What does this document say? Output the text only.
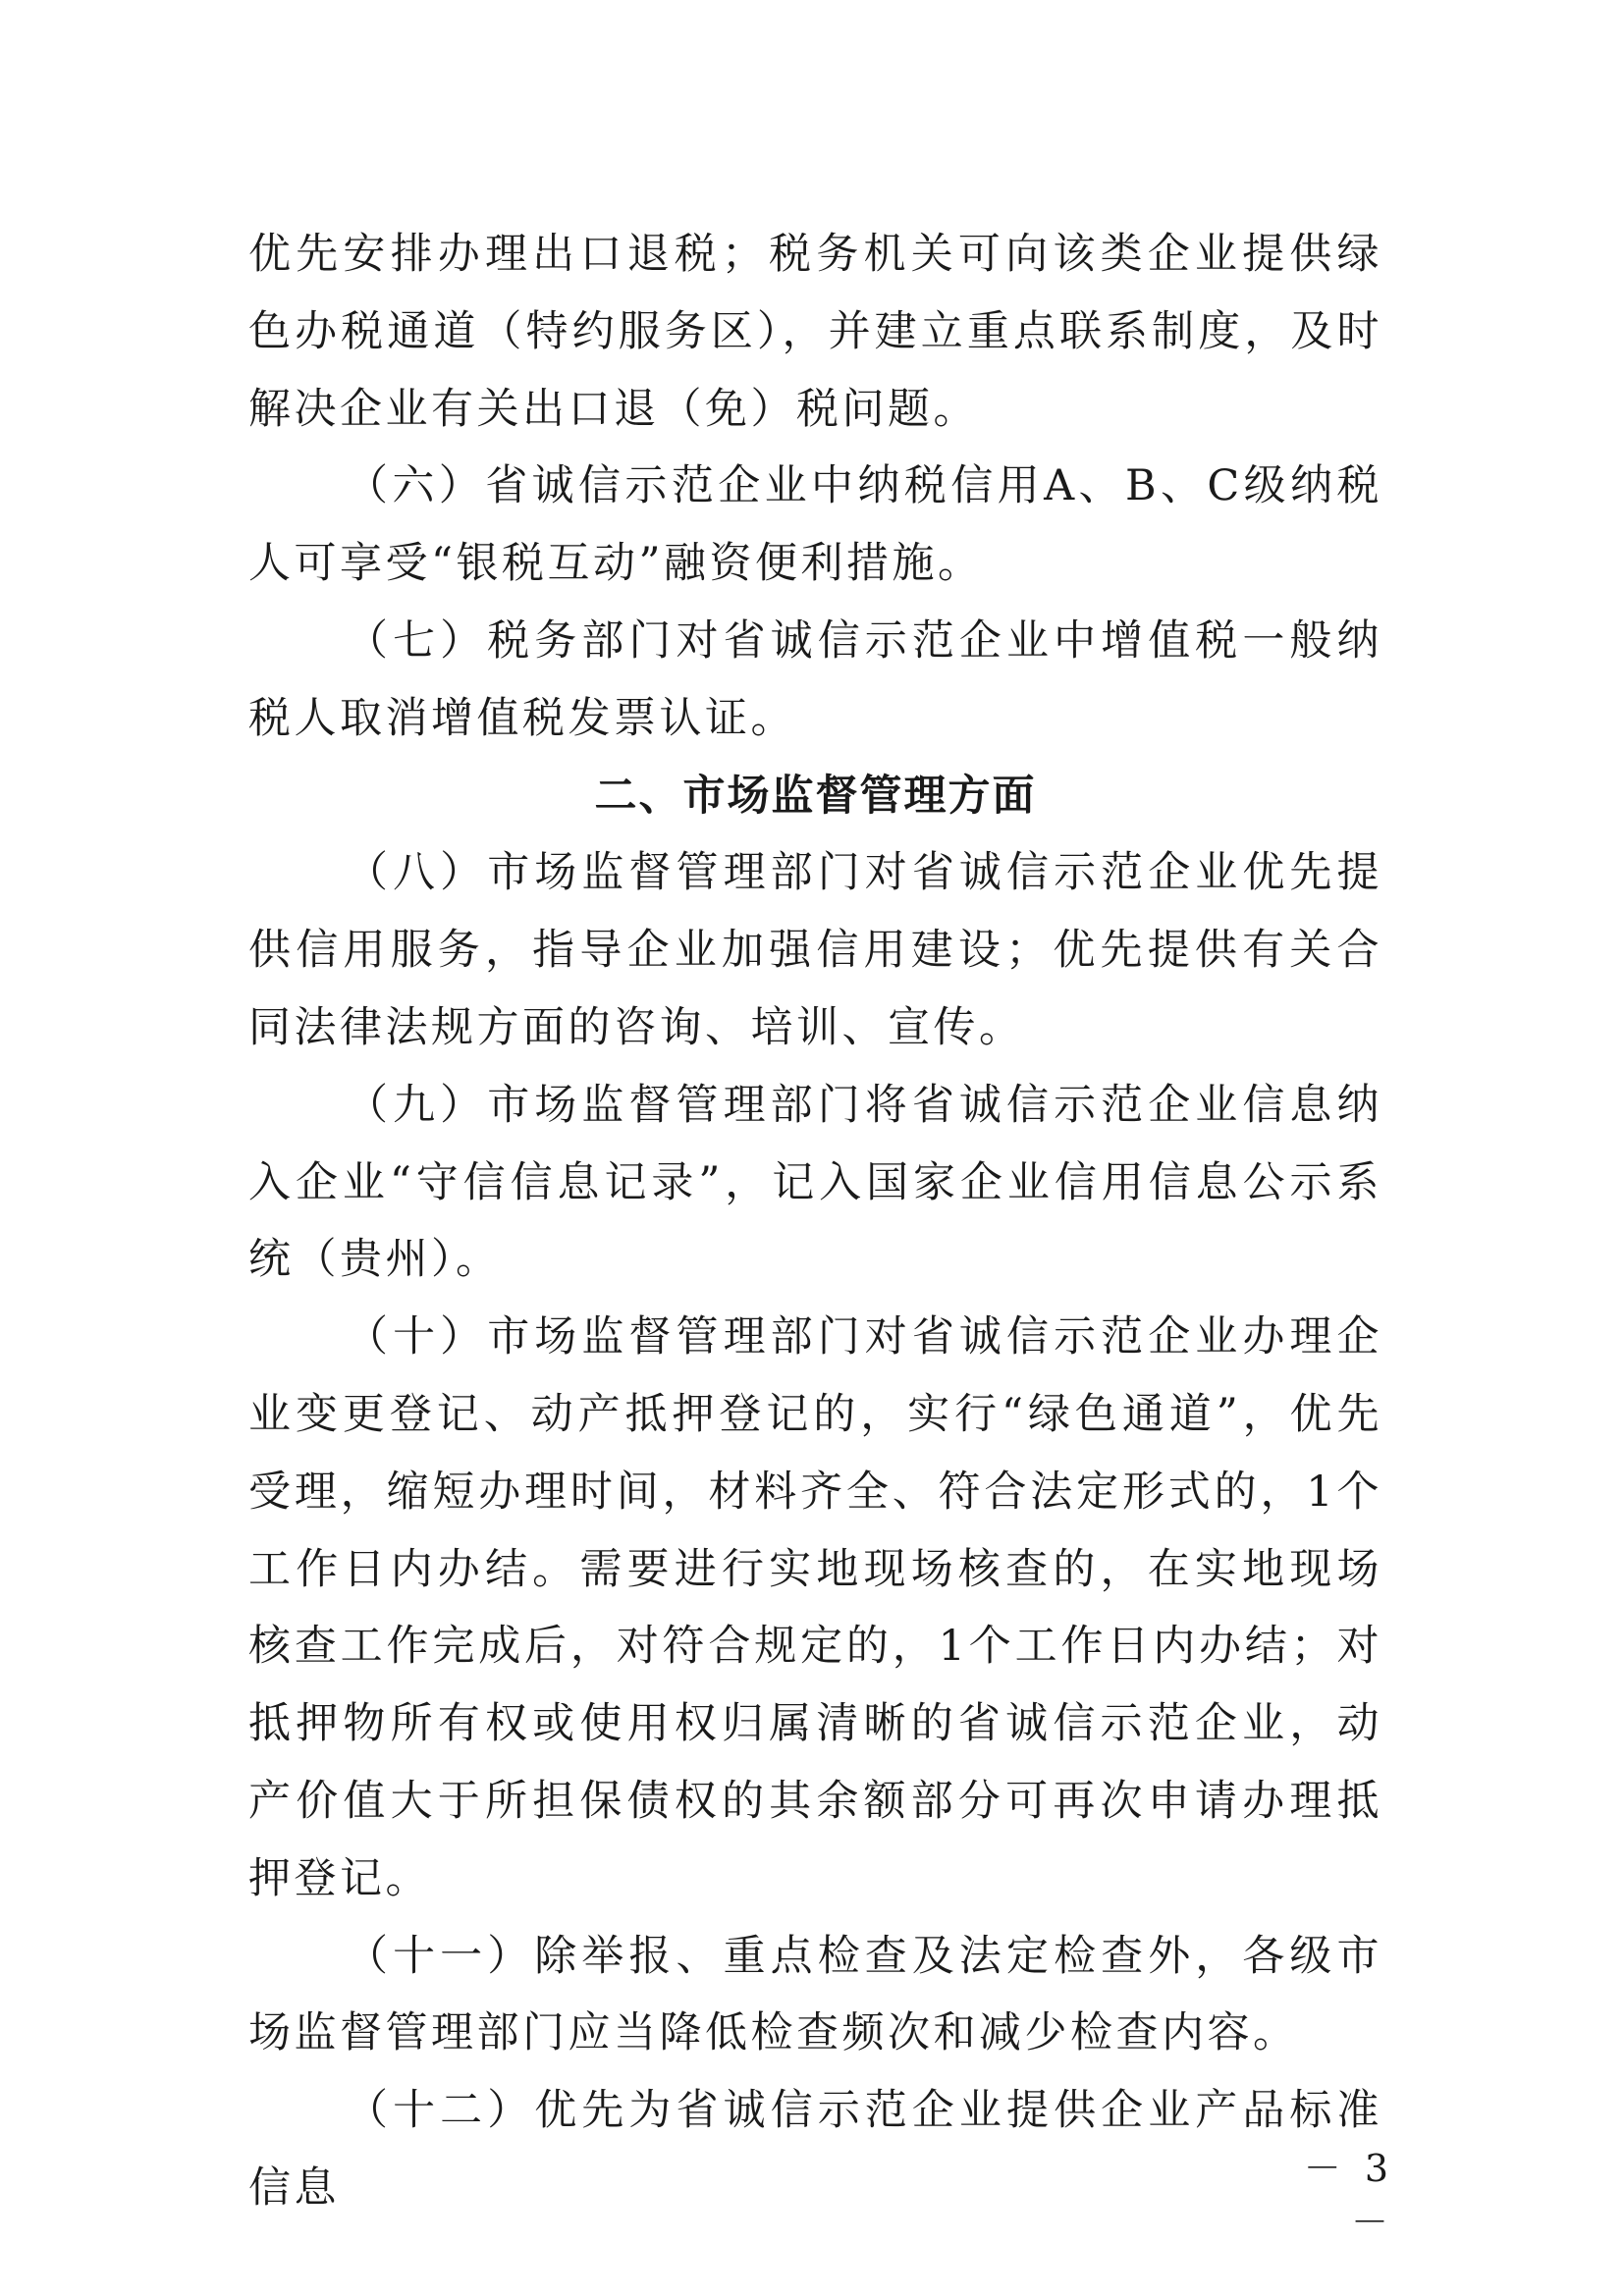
优先安排办理出口退税；税务机关可向该类企业提供绿色办税通道（特约服务区），并建立重点联系制度，及时解决企业有关出口退（免）税问题。

（六）省诚信示范企业中纳税信用A、B、C级纳税人可享受“银税互动”融资便利措施。

（七）税务部门对省诚信示范企业中增值税一般纳税人取消增值税发票认证。

二、市场监督管理方面

（八）市场监督管理部门对省诚信示范企业优先提供信用服务，指导企业加强信用建设；优先提供有关合同法律法规方面的咨询、培训、宣传。

（九）市场监督管理部门将省诚信示范企业信息纳入企业“守信信息记录”，记入国家企业信用信息公示系统（贵州）。

（十）市场监督管理部门对省诚信示范企业办理企业变更登记、动产抵押登记的，实行“绿色通道”，优先受理，缩短办理时间，材料齐全、符合法定形式的，1个工作日内办结。需要进行实地现场核查的，在实地现场核查工作完成后，对符合规定的，1个工作日内办结；对抵押物所有权或使用权归属清晰的省诚信示范企业，动产价值大于所担保债权的其余额部分可再次申请办理抵押登记。

（十一）除举报、重点检查及法定检查外，各级市场监督管理部门应当降低检查频次和减少检查内容。

（十二）优先为省诚信示范企业提供企业产品标准信息	－ 3 －
